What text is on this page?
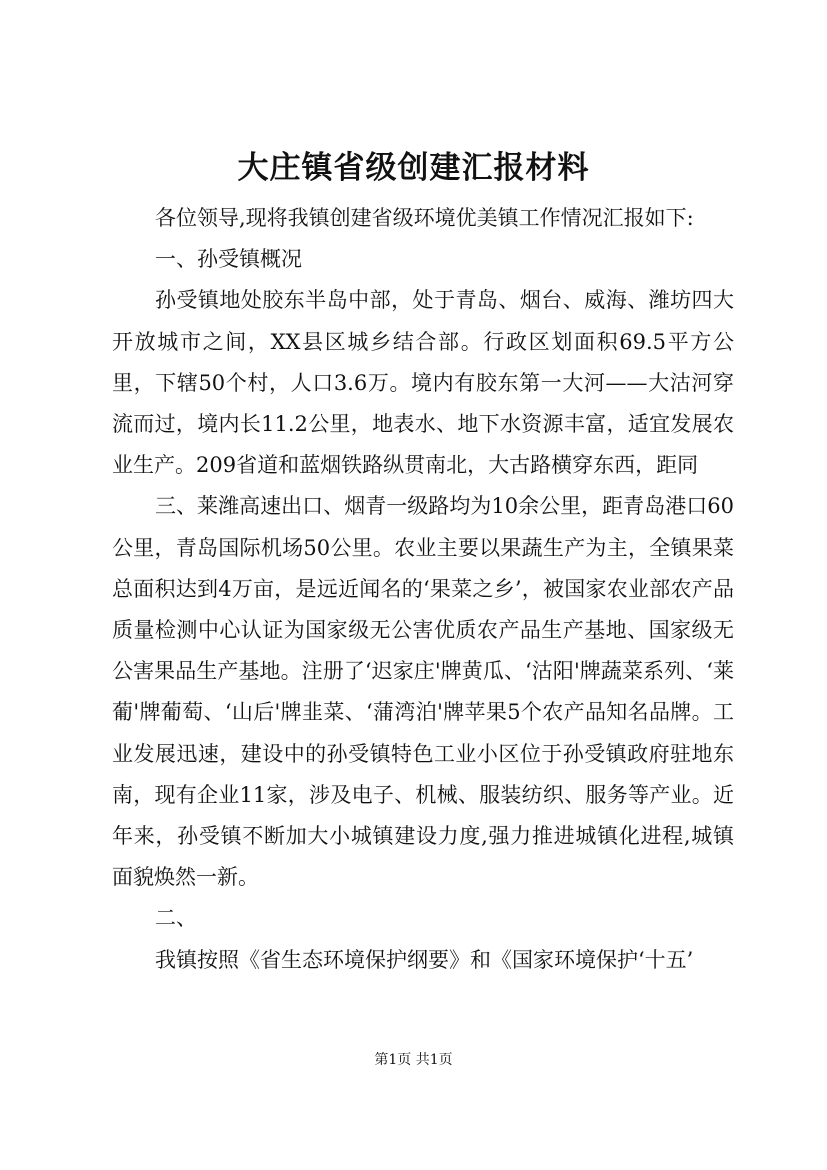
大庄镇省级创建汇报材料

各位领导,现将我镇创建省级环境优美镇工作情况汇报如下:

一、孙受镇概况

孙受镇地处胶东半岛中部，处于青岛、烟台、威海、潍坊四大开放城市之间，XX县区城乡结合部。行政区划面积69.5平方公里，下辖50个村，人口3.6万。境内有胶东第一大河——大沽河穿流而过，境内长11.2公里，地表水、地下水资源丰富，适宜发展农业生产。209省道和蓝烟铁路纵贯南北，大古路横穿东西，距同

三、莱潍高速出口、烟青一级路均为10余公里，距青岛港口60公里，青岛国际机场50公里。农业主要以果蔬生产为主，全镇果菜总面积达到4万亩，是远近闻名的‘果菜之乡’，被国家农业部农产品质量检测中心认证为国家级无公害优质农产品生产基地、国家级无公害果品生产基地。注册了‘迟家庄'牌黄瓜、‘沽阳'牌蔬菜系列、‘莱葡'牌葡萄、‘山后'牌韭菜、‘蒲湾泊'牌苹果5个农产品知名品牌。工业发展迅速，建设中的孙受镇特色工业小区位于孙受镇政府驻地东南，现有企业11家，涉及电子、机械、服装纺织、服务等产业。近年来，孙受镇不断加大小城镇建设力度,强力推进城镇化进程,城镇面貌焕然一新。

二、

我镇按照《省生态环境保护纲要》和《国家环境保护‘十五’

第1页 共1页
